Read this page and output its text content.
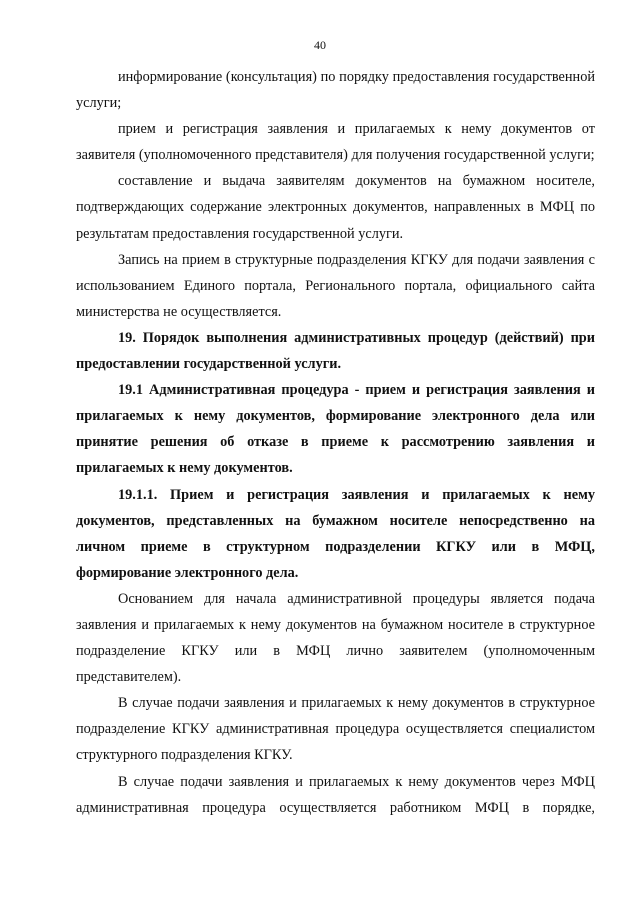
40

информирование (консультация) по порядку предоставления государственной услуги;

прием и регистрация заявления и прилагаемых к нему документов от заявителя (уполномоченного представителя) для получения государственной услуги;

составление и выдача заявителям документов на бумажном носителе, подтверждающих содержание электронных документов, направленных в МФЦ по результатам предоставления государственной услуги.

Запись на прием в структурные подразделения КГКУ для подачи заявления с использованием Единого портала, Регионального портала, официального сайта министерства не осуществляется.

19. Порядок выполнения административных процедур (действий) при предоставлении государственной услуги.

19.1 Административная процедура - прием и регистрация заявления и прилагаемых к нему документов, формирование электронного дела или принятие решения об отказе в приеме к рассмотрению заявления и прилагаемых к нему документов.

19.1.1. Прием и регистрация заявления и прилагаемых к нему документов, представленных на бумажном носителе непосредственно на личном приеме в структурном подразделении КГКУ или в МФЦ, формирование электронного дела.

Основанием для начала административной процедуры является подача заявления и прилагаемых к нему документов на бумажном носителе в структурное подразделение КГКУ или в МФЦ лично заявителем (уполномоченным представителем).

В случае подачи заявления и прилагаемых к нему документов в структурное подразделение КГКУ административная процедура осуществляется специалистом структурного подразделения КГКУ.

В случае подачи заявления и прилагаемых к нему документов через МФЦ административная процедура осуществляется работником МФЦ в порядке,
